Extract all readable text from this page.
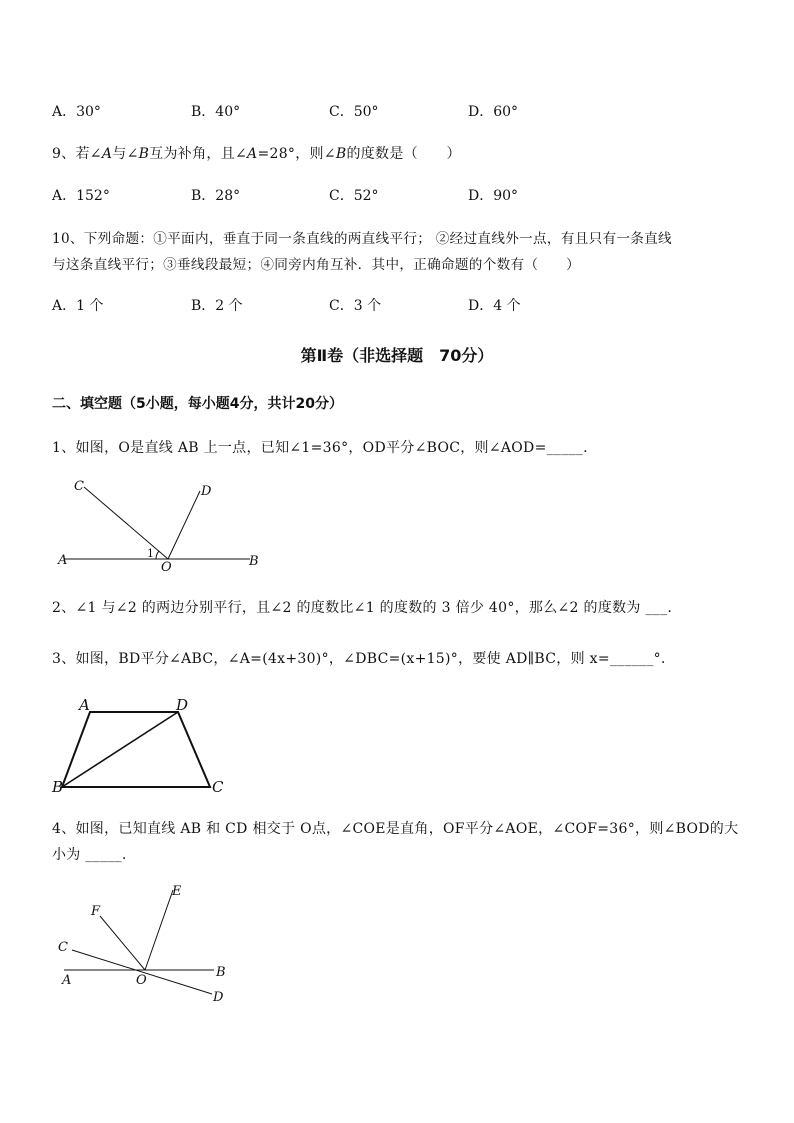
A．30°	B．40°	C．50°	D．60°
9、若∠A与∠B互为补角，且∠A=28°，则∠B的度数是（　　）
A．152°	B．28°	C．52°	D．90°
10、下列命题：①平面内，垂直于同一条直线的两直线平行； ②经过直线外一点，有且只有一条直线
与这条直线平行；③垂线段最短；④同旁内角互补．其中，正确命题的个数有（　　）
A．1 个	B．2 个	C．3 个	D．4 个
第Ⅱ卷（非选择题　70分）
二、填空题（5小题，每小题4分，共计20分）
1、如图，O是直线 AB 上一点，已知∠1=36°，OD平分∠BOC，则∠AOD=_____.
A	B
C	D
O
1
2、∠1 与∠2 的两边分别平行，且∠2 的度数比∠1 的度数的 3 倍少 40°，那么∠2 的度数为 ___.
3、如图，BD平分∠ABC，∠A=(4x+30)°，∠DBC=(x+15)°，要使 AD∥BC，则 x=______°．
A	D
B	C
4、如图，已知直线 AB 和 CD 相交于 O点，∠COE是直角，OF平分∠AOE，∠COF=36°，则∠BOD的大
小为 _____.
A
B
C
D
E
F
O
